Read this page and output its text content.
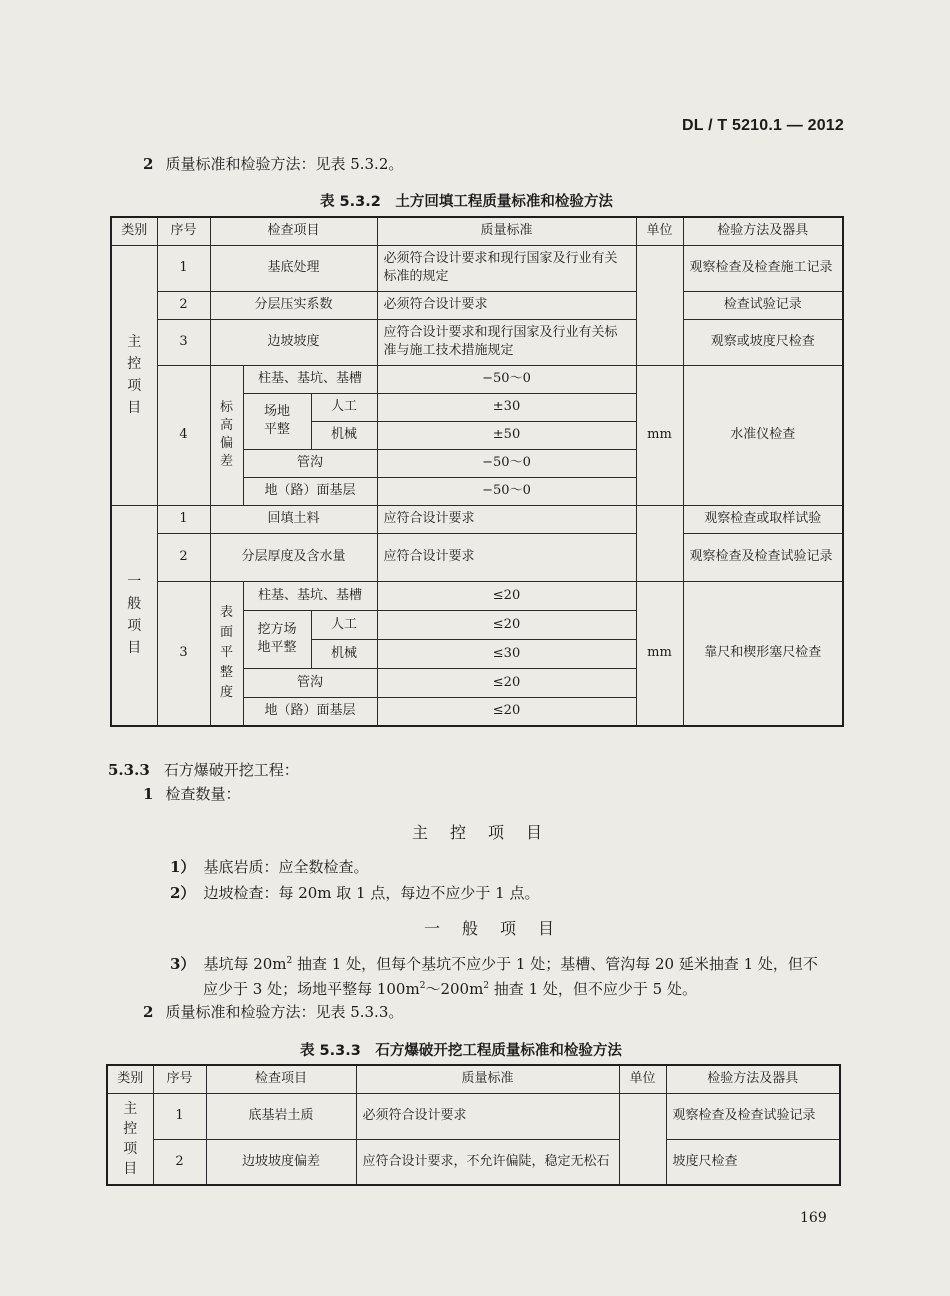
DL / T 5210.1 — 2012
2 质量标准和检验方法：见表 5.3.2。
表 5.3.2　土方回填工程质量标准和检验方法
类别	序号	检查项目			质量标准	单位	检验方法及器具

主控项目	1	基底处理			必须符合设计要求和现行国家及行业有关标准的规定		观察检查及检查施工记录
	2	分层压实系数			必须符合设计要求		检查试验记录
	3	边坡坡度			应符合设计要求和现行国家及行业有关标准与施工技术措施规定		观察或坡度尺检查
	4	标高偏差	柱基、基坑、基槽		−50～0	mm	水准仪检查

			场地平整	人工	±30		
				机械	±50		
			管沟		−50～0		
			地（路）面基层		−50～0		

一般项目	1	回填土料			应符合设计要求		观察检查或取样试验
	2	分层厚度及含水量			应符合设计要求		观察检查及检查试验记录
	3	表面平整度	柱基、基坑、基槽		≤20	mm	靠尺和楔形塞尺检查

			挖方场地平整	人工	≤20		
				机械	≤30		
			管沟		≤20		
			地（路）面基层		≤20		
5.3.3 石方爆破开挖工程：
1 检查数量：
主控项目
1） 基底岩质：应全数检查。
2） 边坡检查：每 20m 取 1 点，每边不应少于 1 点。
一般项目
3） 基坑每 $20m^2$ 抽查 1 处，但每个基坑不应少于 1 处；基槽、管沟每 20 延米抽查 1 处，但不
应少于 3 处；场地平整每 $100m^2\sim 200m^2$ 抽查 1 处，但不应少于 5 处。
2 质量标准和检验方法：见表 5.3.3。
表 5.3.3　石方爆破开挖工程质量标准和检验方法
类别	序号	检查项目	质量标准	单位	检验方法及器具

主控项目	1	底基岩土质	必须符合设计要求		观察检查及检查试验记录
	2	边坡坡度偏差	应符合设计要求，不允许偏陡，稳定无松石		坡度尺检查
169
